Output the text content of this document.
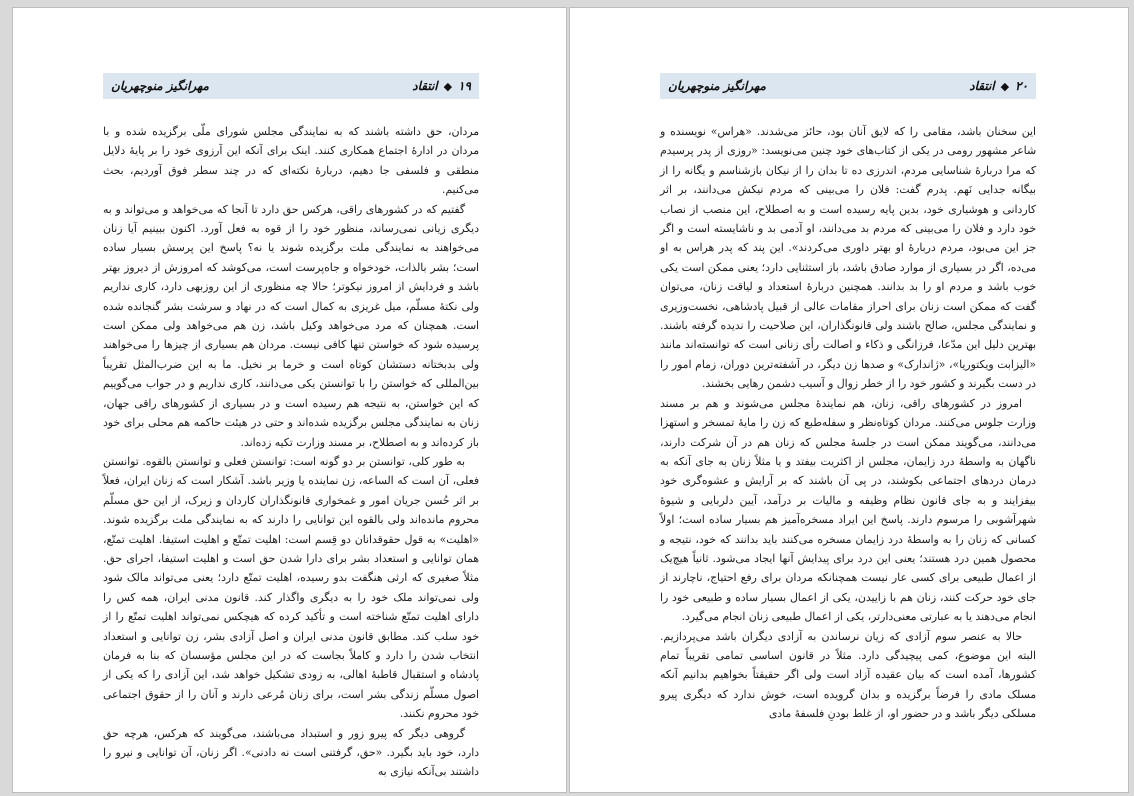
۱۹
◆
انتقاد
مهرانگیز منوچهریان

مردان، حق داشته باشند که به نمایندگی مجلس شورای ملّی برگزیده شده و با مردان در ادارهٔ اجتماع همکاری کنند. اینک برای آنکه این آرزوی خود را بر پایهٔ دلایل منطقی و فلسفی جا دهیم، دربارهٔ نکته‌ای که در چند سطر فوق آوردیم، بحث می‌کنیم.

گفتیم که در کشورهای راقی، هرکس حق دارد تا آنجا که می‌خواهد و می‌تواند و به دیگری زیانی نمی‌رساند، منظور خود را از قوه به فعل آورد. اکنون ببینیم آیا زنان می‌خواهند به نمایندگی ملت برگزیده شوند یا نه؟ پاسخ این پرسش بسیار ساده است؛ بشر بالذات، خودخواه و جاه‌پرست است، می‌کوشد که امروزش از دیروز بهتر باشد و فردایش از امروز نیکوتر؛ حالا چه منظوری از این روزبهی دارد، کاری نداریم ولی نکتهٔ مسلّم، میل غریزی به کمال است که در نهاد و سرشت بشر گنجانده شده است. همچنان که مرد می‌خواهد وکیل باشد، زن هم می‌خواهد ولی ممکن است پرسیده شود که خواستن تنها کافی نیست. مردان هم بسیاری از چیزها را می‌خواهند ولی بدبختانه دستشان کوتاه است و خرما بر نخیل. ما به این ضرب‌المثل تقریباً بین‌المللی که خواستن را با توانستن یکی می‌دانند، کاری نداریم و در جواب می‌گوییم که این خواستن، به نتیجه هم رسیده است و در بسیاری از کشورهای راقی جهان، زنان به نمایندگی مجلس برگزیده شده‌اند و حتی در هیئت حاکمه هم محلی برای خود باز کرده‌اند و به اصطلاح، بر مسند وزارت تکیه زده‌اند.

به طور کلی، توانستن بر دو گونه است: توانستن فعلی و توانستن بالقوه. توانستن فعلی، آن است که الساعه، زن نماینده یا وزیر باشد. آشکار است که زنان ایران، فعلاً بر اثر حُسن جریان امور و غمخواری قانونگذاران کاردان و زیرک، از این حق مسلّم محروم مانده‌اند ولی بالقوه این توانایی را دارند که به نمایندگی ملت برگزیده شوند. «اهلیت» به قول حقوقدانان دو قِسم است: اهلیت تمتّع و اهلیت استیفا. اهلیت تمتّع، همان توانایی و استعداد بشر برای دارا شدن حق است و اهلیت استیفا، اجرای حق. مثلاً صغیری که ارثی هنگفت بدو رسیده، اهلیت تمتّع دارد؛ یعنی می‌تواند مالک شود ولی نمی‌تواند ملک خود را به دیگری واگذار کند. قانون مدنی ایران، همه کس را دارای اهلیت تمتّع شناخته است و تأکید کرده که هیچکس نمی‌تواند اهلیت تمتّع را از خود سلب کند. مطابق قانون مدنی ایران و اصل آزادی بشر، زن توانایی و استعداد انتخاب شدن را دارد و کاملاً بجاست که در این مجلس مؤسسان که بنا به فرمان پادشاه و استقبال قاطبهٔ اهالی، به زودی تشکیل خواهد شد، این آزادی را که یکی از اصول مسلّم زندگی بشر است، برای زنان مُرعی دارند و آنان را از حقوق اجتماعی خود محروم نکنند.

گروهی دیگر که پیرو زور و استبداد می‌باشند، می‌گویند که هرکس، هرچه حق دارد، خود باید بگیرد. «حق، گرفتنی است نه دادنی». اگر زنان، آن توانایی و نیرو را داشتند بی‌آنکه نیازی به

۲۰
◆
انتقاد
مهرانگیز منوچهریان

این سخنان باشد، مقامی را که لایق آنان بود، حائز می‌شدند. «هراس» نویسنده و شاعر مشهور رومی در یکی از کتاب‌های خود چنین می‌نویسد: «روزی از پدر پرسیدم که مرا دربارهٔ شناسایی مردم، اندرزی ده تا بدان را از نیکان بازشناسم و یگانه را از بیگانه جدایی نَهم. پدرم گفت: فلان را می‌بینی که مردم نیکش می‌دانند، بر اثر کاردانی و هوشیاری خود، بدین پایه رسیده است و به اصطلاح، این منصب از نصاب خود دارد و فلان را می‌بینی که مردم بد می‌دانند، او آدمی بد و ناشایسته است و اگر جز این می‌بود، مردم دربارهٔ او بهتر داوری می‌کردند». این پند که پدر هراس به او می‌ده، اگر در بسیاری از موارد صادق باشد، باز استثنایی دارد؛ یعنی ممکن است یکی خوب باشد و مردم او را بد بدانند. همچنین دربارهٔ استعداد و لیاقت زنان، می‌توان گفت که ممکن است زنان برای احراز مقامات عالی از قبیل پادشاهی، نخست‌وزیری و نمایندگی مجلس، صالح باشند ولی قانونگذاران، این صلاحیت را ندیده گرفته باشند. بهترین دلیل این مدّعا، فرزانگی و ذکاء و اصالت رأی زنانی است که توانسته‌اند مانند «الیزابت ویکتوریا»، «ژاندارک» و صدها زن دیگر، در آشفته‌ترین دوران، زمام امور را در دست بگیرند و کشور خود را از خطر زوال و آسیب دشمن رهایی بخشند.

امروز در کشورهای راقی، زنان، هم نمایندهٔ مجلس می‌شوند و هم بر مسند وزارت جلوس می‌کنند. مردان کوتاه‌نظر و سفله‌طبع که زن را مایهٔ تمسخر و استهزا می‌دانند، می‌گویند ممکن است در جلسهٔ مجلس که زنان هم در آن شرکت دارند، ناگهان به واسطهٔ درد زایمان، مجلس از اکثریت بیفتد و یا مثلاً زنان به جای آنکه به درمان دردهای اجتماعی بکوشند، در پی آن باشند که بر آرایش و عشوه‌گری خود بیفزایند و به جای قانون نظام وظیفه و مالیات بر درآمد، آیین دلربایی و شیوهٔ شهرآشوبی را مرسوم دارند. پاسخ این ایراد مسخره‌آمیز هم بسیار ساده است؛ اولاً کسانی که زنان را به واسطهٔ درد زایمان مسخره می‌کنند باید بدانند که خود، نتیجه و محصول همین درد هستند؛ یعنی این درد برای پیدایش آنها ایجاد می‌شود. ثانیاً هیچ‌یک از اعمال طبیعی برای کسی عار نیست همچنانکه مردان برای رفع احتیاج، ناچارند از جای خود حرکت کنند، زنان هم با زاییدن، یکی از اعمال بسیار ساده و طبیعی خود را انجام می‌دهند یا به عبارتی معنی‌دارتر، یکی از اعمال طبیعی زنان انجام می‌گیرد.

حالا به عنصر سوم آزادی که زیان نرساندن به آزادی دیگران باشد می‌پردازیم. البته این موضوع، کمی پیچیدگی دارد. مثلاً در قانون اساسی تمامی تقریباً تمام کشورها، آمده است که بیان عقیده آزاد است ولی اگر حقیقتاً بخواهیم بدانیم آنکه مسلک مادی را فرضاً برگزیده و بدان گرویده است، خوش ندارد که دیگری پیرو مسلکی دیگر باشد و در حضور او، از غلط بودنِ فلسفهٔ مادی
